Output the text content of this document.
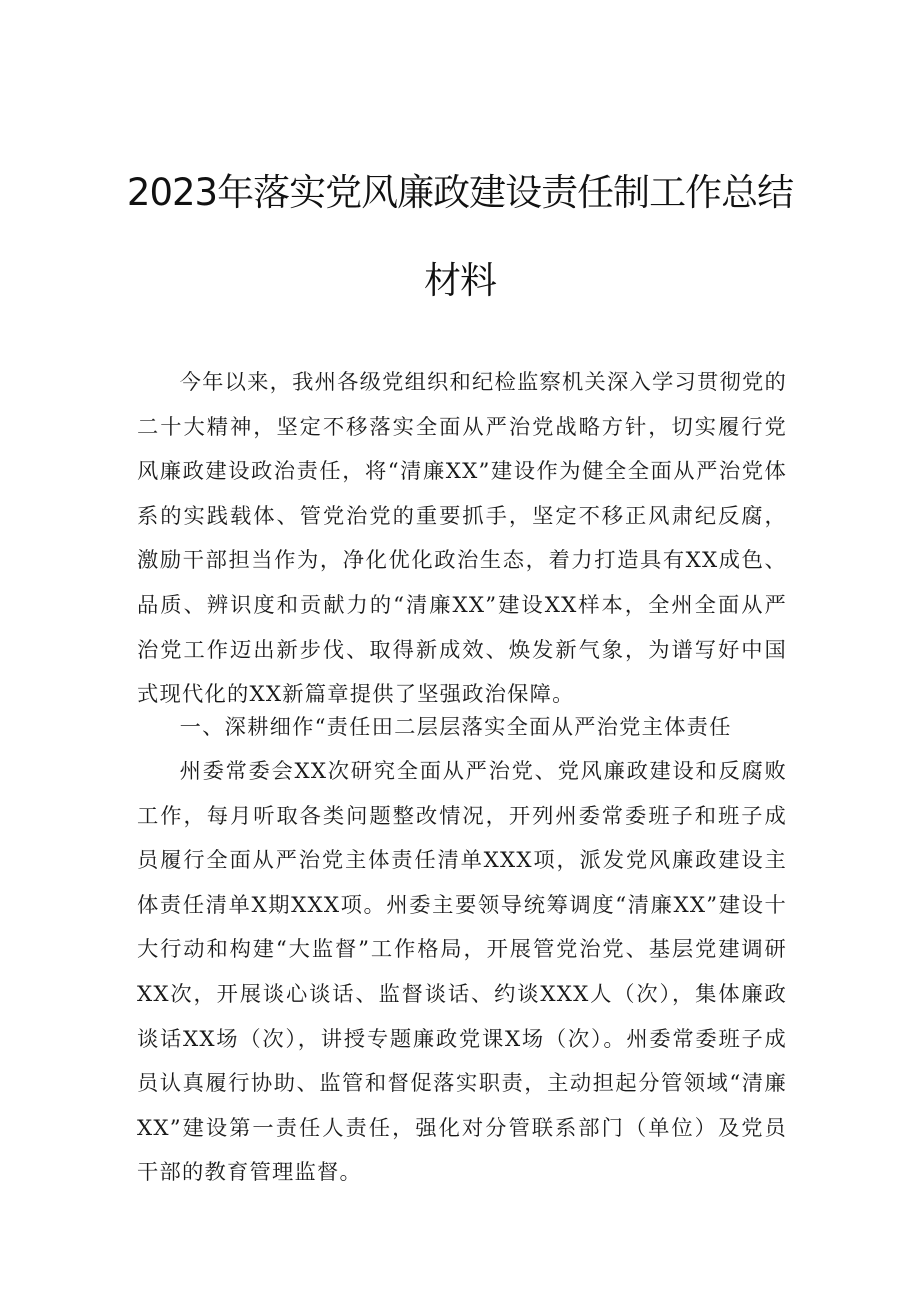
2023年落实党风廉政建设责任制工作总结
材料

今年以来，我州各级党组织和纪检监察机关深入学习贯彻党的二十大精神，坚定不移落实全面从严治党战略方针，切实履行党风廉政建设政治责任，将“清廉XX”建设作为健全全面从严治党体系的实践载体、管党治党的重要抓手，坚定不移正风肃纪反腐，激励干部担当作为，净化优化政治生态，着力打造具有XX成色、品质、辨识度和贡献力的“清廉XX”建设XX样本，全州全面从严治党工作迈出新步伐、取得新成效、焕发新气象，为谱写好中国式现代化的XX新篇章提供了坚强政治保障。

一、深耕细作“责任田二层层落实全面从严治党主体责任

州委常委会XX次研究全面从严治党、党风廉政建设和反腐败工作，每月听取各类问题整改情况，开列州委常委班子和班子成员履行全面从严治党主体责任清单XXX项，派发党风廉政建设主体责任清单X期XXX项。州委主要领导统筹调度“清廉XX”建设十大行动和构建“大监督”工作格局，开展管党治党、基层党建调研XX次，开展谈心谈话、监督谈话、约谈XXX人（次），集体廉政谈话XX场（次），讲授专题廉政党课X场（次）。州委常委班子成员认真履行协助、监管和督促落实职责，主动担起分管领域“清廉XX”建设第一责任人责任，强化对分管联系部门（单位）及党员干部的教育管理监督。
